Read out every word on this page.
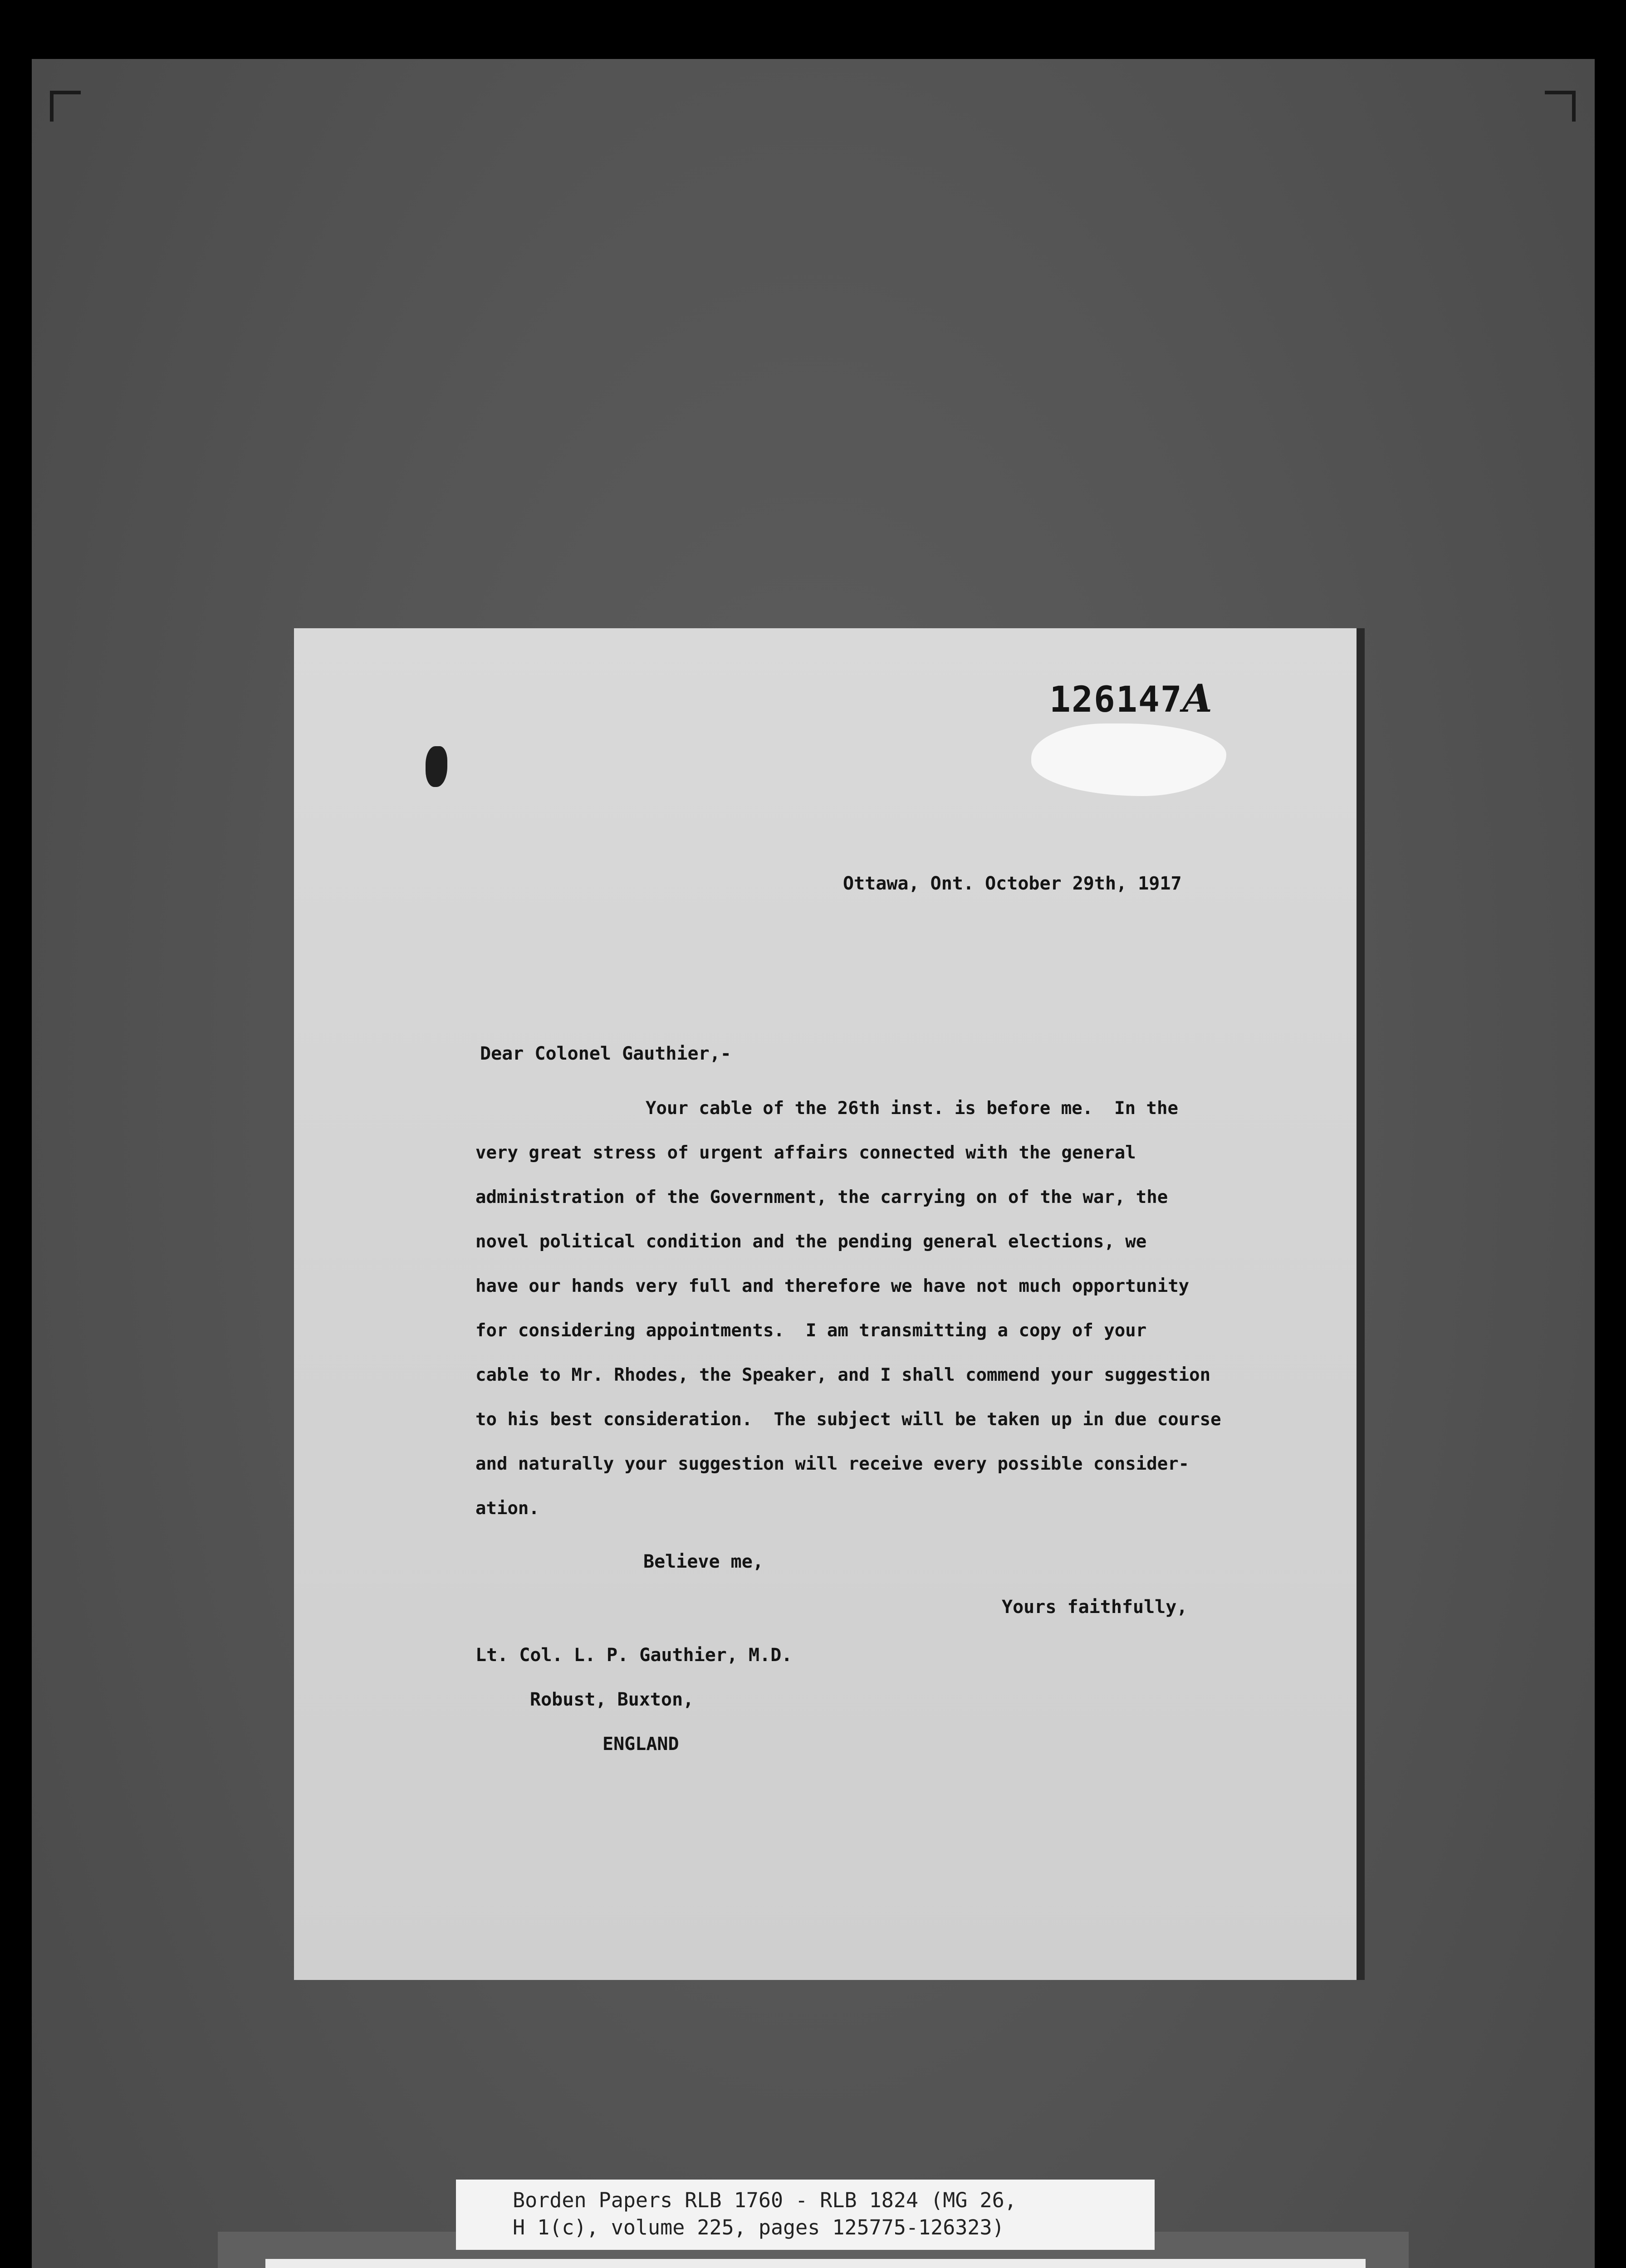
126147A
Ottawa, Ont. October 29th, 1917
Dear Colonel Gauthier,-
Your cable of the 26th inst. is before me.  In the
very great stress of urgent affairs connected with the general
administration of the Government, the carrying on of the war, the
novel political condition and the pending general elections, we
have our hands very full and therefore we have not much opportunity
for considering appointments.  I am transmitting a copy of your
cable to Mr. Rhodes, the Speaker, and I shall commend your suggestion
to his best consideration.  The subject will be taken up in due course
and naturally your suggestion will receive every possible consider-
ation.
Believe me,
Yours faithfully,
Lt. Col. L. P. Gauthier, M.D.
Robust, Buxton,
ENGLAND
Borden Papers RLB 1760 - RLB 1824 (MG 26,
H 1(c), volume 225, pages 125775-126323)
